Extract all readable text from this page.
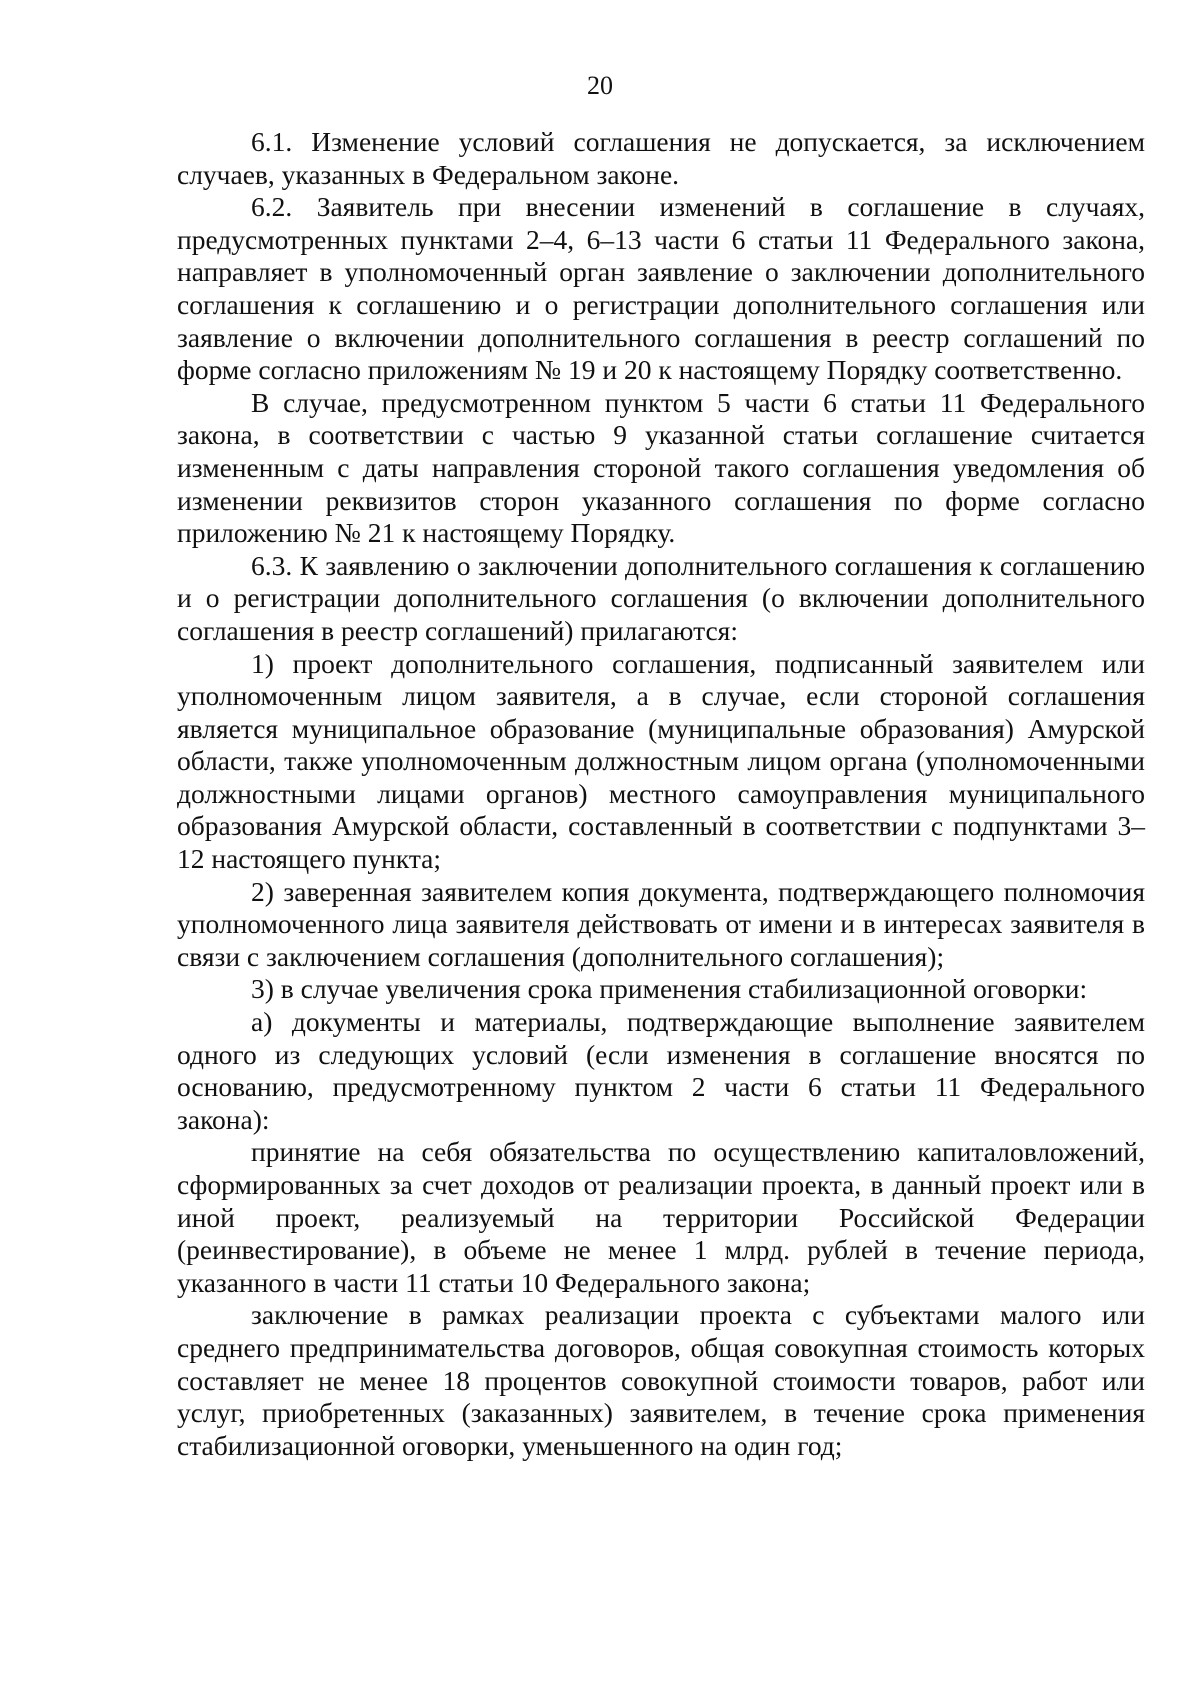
20

6.1. Изменение условий соглашения не допускается, за исключением случаев, указанных в Федеральном законе.

6.2. Заявитель при внесении изменений в соглашение в случаях, предусмотренных пунктами 2–4, 6–13 части 6 статьи 11 Федерального закона, направляет в уполномоченный орган заявление о заключении дополнительного соглашения к соглашению и о регистрации дополнительного соглашения или заявление о включении дополнительного соглашения в реестр соглашений по форме согласно приложениям № 19 и 20 к настоящему Порядку соответственно.

В случае, предусмотренном пунктом 5 части 6 статьи 11 Федерального закона, в соответствии с частью 9 указанной статьи соглашение считается измененным с даты направления стороной такого соглашения уведомления об изменении реквизитов сторон указанного соглашения по форме согласно приложению № 21 к настоящему Порядку.

6.3. К заявлению о заключении дополнительного соглашения к соглашению и о регистрации дополнительного соглашения (о включении дополнительного соглашения в реестр соглашений) прилагаются:

1) проект дополнительного соглашения, подписанный заявителем или уполномоченным лицом заявителя, а в случае, если стороной соглашения является муниципальное образование (муниципальные образования) Амурской области, также уполномоченным должностным лицом органа (уполномоченными должностными лицами органов) местного самоуправления муниципального образования Амурской области, составленный в соответствии с подпунктами 3–12 настоящего пункта;

2) заверенная заявителем копия документа, подтверждающего полномочия уполномоченного лица заявителя действовать от имени и в интересах заявителя в связи с заключением соглашения (дополнительного соглашения);

3) в случае увеличения срока применения стабилизационной оговорки:

а) документы и материалы, подтверждающие выполнение заявителем одного из следующих условий (если изменения в соглашение вносятся по основанию, предусмотренному пунктом 2 части 6 статьи 11 Федерального закона):

принятие на себя обязательства по осуществлению капиталовложений, сформированных за счет доходов от реализации проекта, в данный проект или в иной проект, реализуемый на территории Российской Федерации (реинвестирование), в объеме не менее 1 млрд. рублей в течение периода, указанного в части 11 статьи 10 Федерального закона;

заключение в рамках реализации проекта с субъектами малого или среднего предпринимательства договоров, общая совокупная стоимость которых составляет не менее 18 процентов совокупной стоимости товаров, работ или услуг, приобретенных (заказанных) заявителем, в течение срока применения стабилизационной оговорки, уменьшенного на один год;
